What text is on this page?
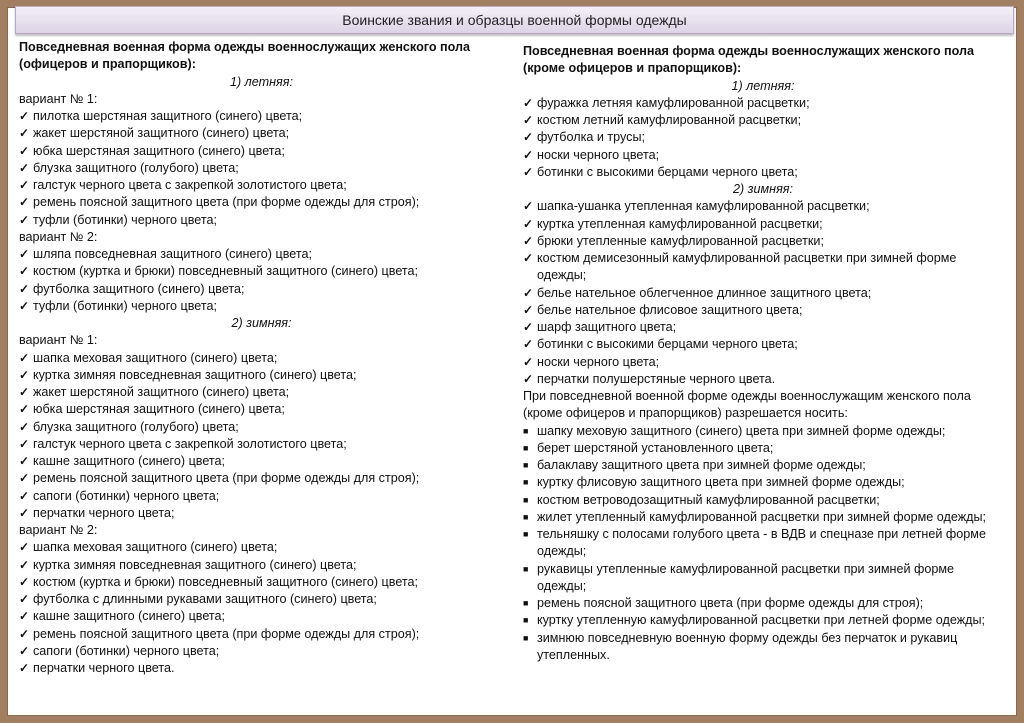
Воинские звания и образцы военной формы одежды
Повседневная военная форма одежды военнослужащих женского пола (офицеров и прапорщиков):
1) летняя:
вариант № 1:
✓ пилотка шерстяная защитного (синего) цвета;
✓ жакет шерстяной защитного (синего) цвета;
✓ юбка шерстяная защитного (синего) цвета;
✓ блузка защитного (голубого) цвета;
✓ галстук черного цвета с закрепкой золотистого цвета;
✓ ремень поясной защитного цвета (при форме одежды для строя);
✓ туфли (ботинки) черного цвета;
вариант № 2:
✓ шляпа повседневная защитного (синего) цвета;
✓ костюм (куртка и брюки) повседневный защитного (синего) цвета;
✓ футболка защитного (синего) цвета;
✓ туфли (ботинки) черного цвета;
2) зимняя:
вариант № 1:
✓ шапка меховая защитного (синего) цвета;
✓ куртка зимняя повседневная защитного (синего) цвета;
✓ жакет шерстяной защитного (синего) цвета;
✓ юбка шерстяная защитного (синего) цвета;
✓ блузка защитного (голубого) цвета;
✓ галстук черного цвета с закрепкой золотистого цвета;
✓ кашне защитного (синего) цвета;
✓ ремень поясной защитного цвета (при форме одежды для строя);
✓ сапоги (ботинки) черного цвета;
✓ перчатки черного цвета;
вариант № 2:
✓ шапка меховая защитного (синего) цвета;
✓ куртка зимняя повседневная защитного (синего) цвета;
✓ костюм (куртка и брюки) повседневный защитного (синего) цвета;
✓ футболка с длинными рукавами защитного (синего) цвета;
✓ кашне защитного (синего) цвета;
✓ ремень поясной защитного цвета (при форме одежды для строя);
✓ сапоги (ботинки) черного цвета;
✓ перчатки черного цвета.
Повседневная военная форма одежды военнослужащих женского пола (кроме офицеров и прапорщиков):
1) летняя:
✓ фуражка летняя камуфлированной расцветки;
✓ костюм летний камуфлированной расцветки;
✓ футболка и трусы;
✓ носки черного цвета;
✓ ботинки с высокими берцами черного цвета;
2) зимняя:
✓ шапка-ушанка утепленная камуфлированной расцветки;
✓ куртка утепленная камуфлированной расцветки;
✓ брюки утепленные камуфлированной расцветки;
✓ костюм демисезонный камуфлированной расцветки при зимней форме одежды;
✓ белье нательное облегченное длинное защитного цвета;
✓ белье нательное флисовое защитного цвета;
✓ шарф защитного цвета;
✓ ботинки с высокими берцами черного цвета;
✓ носки черного цвета;
✓ перчатки полушерстяные черного цвета.
При повседневной военной форме одежды военнослужащим женского пола (кроме офицеров и прапорщиков) разрешается носить:
■ шапку меховую защитного (синего) цвета при зимней форме одежды;
■ берет шерстяной установленного цвета;
■ балаклаву защитного цвета при зимней форме одежды;
■ куртку флисовую защитного цвета при зимней форме одежды;
■ костюм ветроводозащитный камуфлированной расцветки;
■ жилет утепленный камуфлированной расцветки при зимней форме одежды;
■ тельняшку с полосами голубого цвета - в ВДВ и спецназе при летней форме одежды;
■ рукавицы утепленные камуфлированной расцветки при зимней форме одежды;
■ ремень поясной защитного цвета (при форме одежды для строя);
■ куртку утепленную камуфлированной расцветки при летней форме одежды;
■ зимнюю повседневную военную форму одежды без перчаток и рукавиц утепленных.
